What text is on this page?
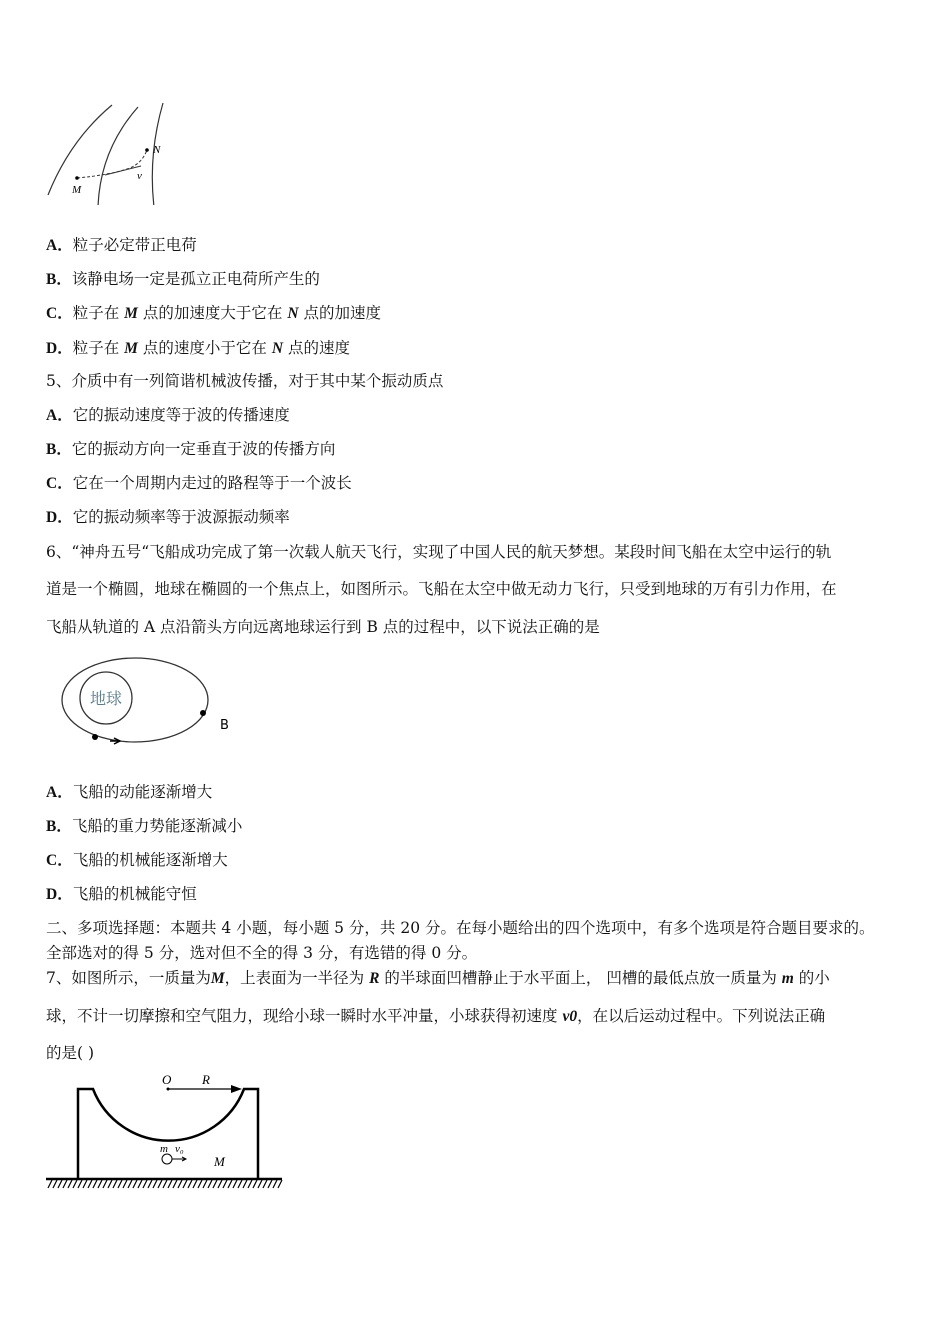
M
N
v
A．粒子必定带正电荷
B．该静电场一定是孤立正电荷所产生的
C．粒子在 M 点的加速度大于它在 N 点的加速度
D．粒子在 M 点的速度小于它在 N 点的速度
5、介质中有一列简谐机械波传播，对于其中某个振动质点
A．它的振动速度等于波的传播速度
B．它的振动方向一定垂直于波的传播方向
C．它在一个周期内走过的路程等于一个波长
D．它的振动频率等于波源振动频率
6、“神舟五号“飞船成功完成了第一次载人航天飞行，实现了中国人民的航天梦想。某段时间飞船在太空中运行的轨
道是一个椭圆，地球在椭圆的一个焦点上，如图所示。飞船在太空中做无动力飞行，只受到地球的万有引力作用，在
飞船从轨道的 A 点沿箭头方向远离地球运行到 B 点的过程中，以下说法正确的是
地球
B
A．飞船的动能逐渐增大
B．飞船的重力势能逐渐减小
C．飞船的机械能逐渐增大
D．飞船的机械能守恒
二、多项选择题：本题共 4 小题，每小题 5 分，共 20 分。在每小题给出的四个选项中，有多个选项是符合题目要求的。
全部选对的得 5 分，选对但不全的得 3 分，有选错的得 0 分。
7、如图所示，一质量为M，上表面为一半径为 R 的半球面凹槽静止于水平面上， 凹槽的最低点放一质量为 m 的小
球，不计一切摩擦和空气阻力，现给小球一瞬时水平冲量，小球获得初速度 v0，在以后运动过程中。下列说法正确
的是( )
O R
m v₀
M
